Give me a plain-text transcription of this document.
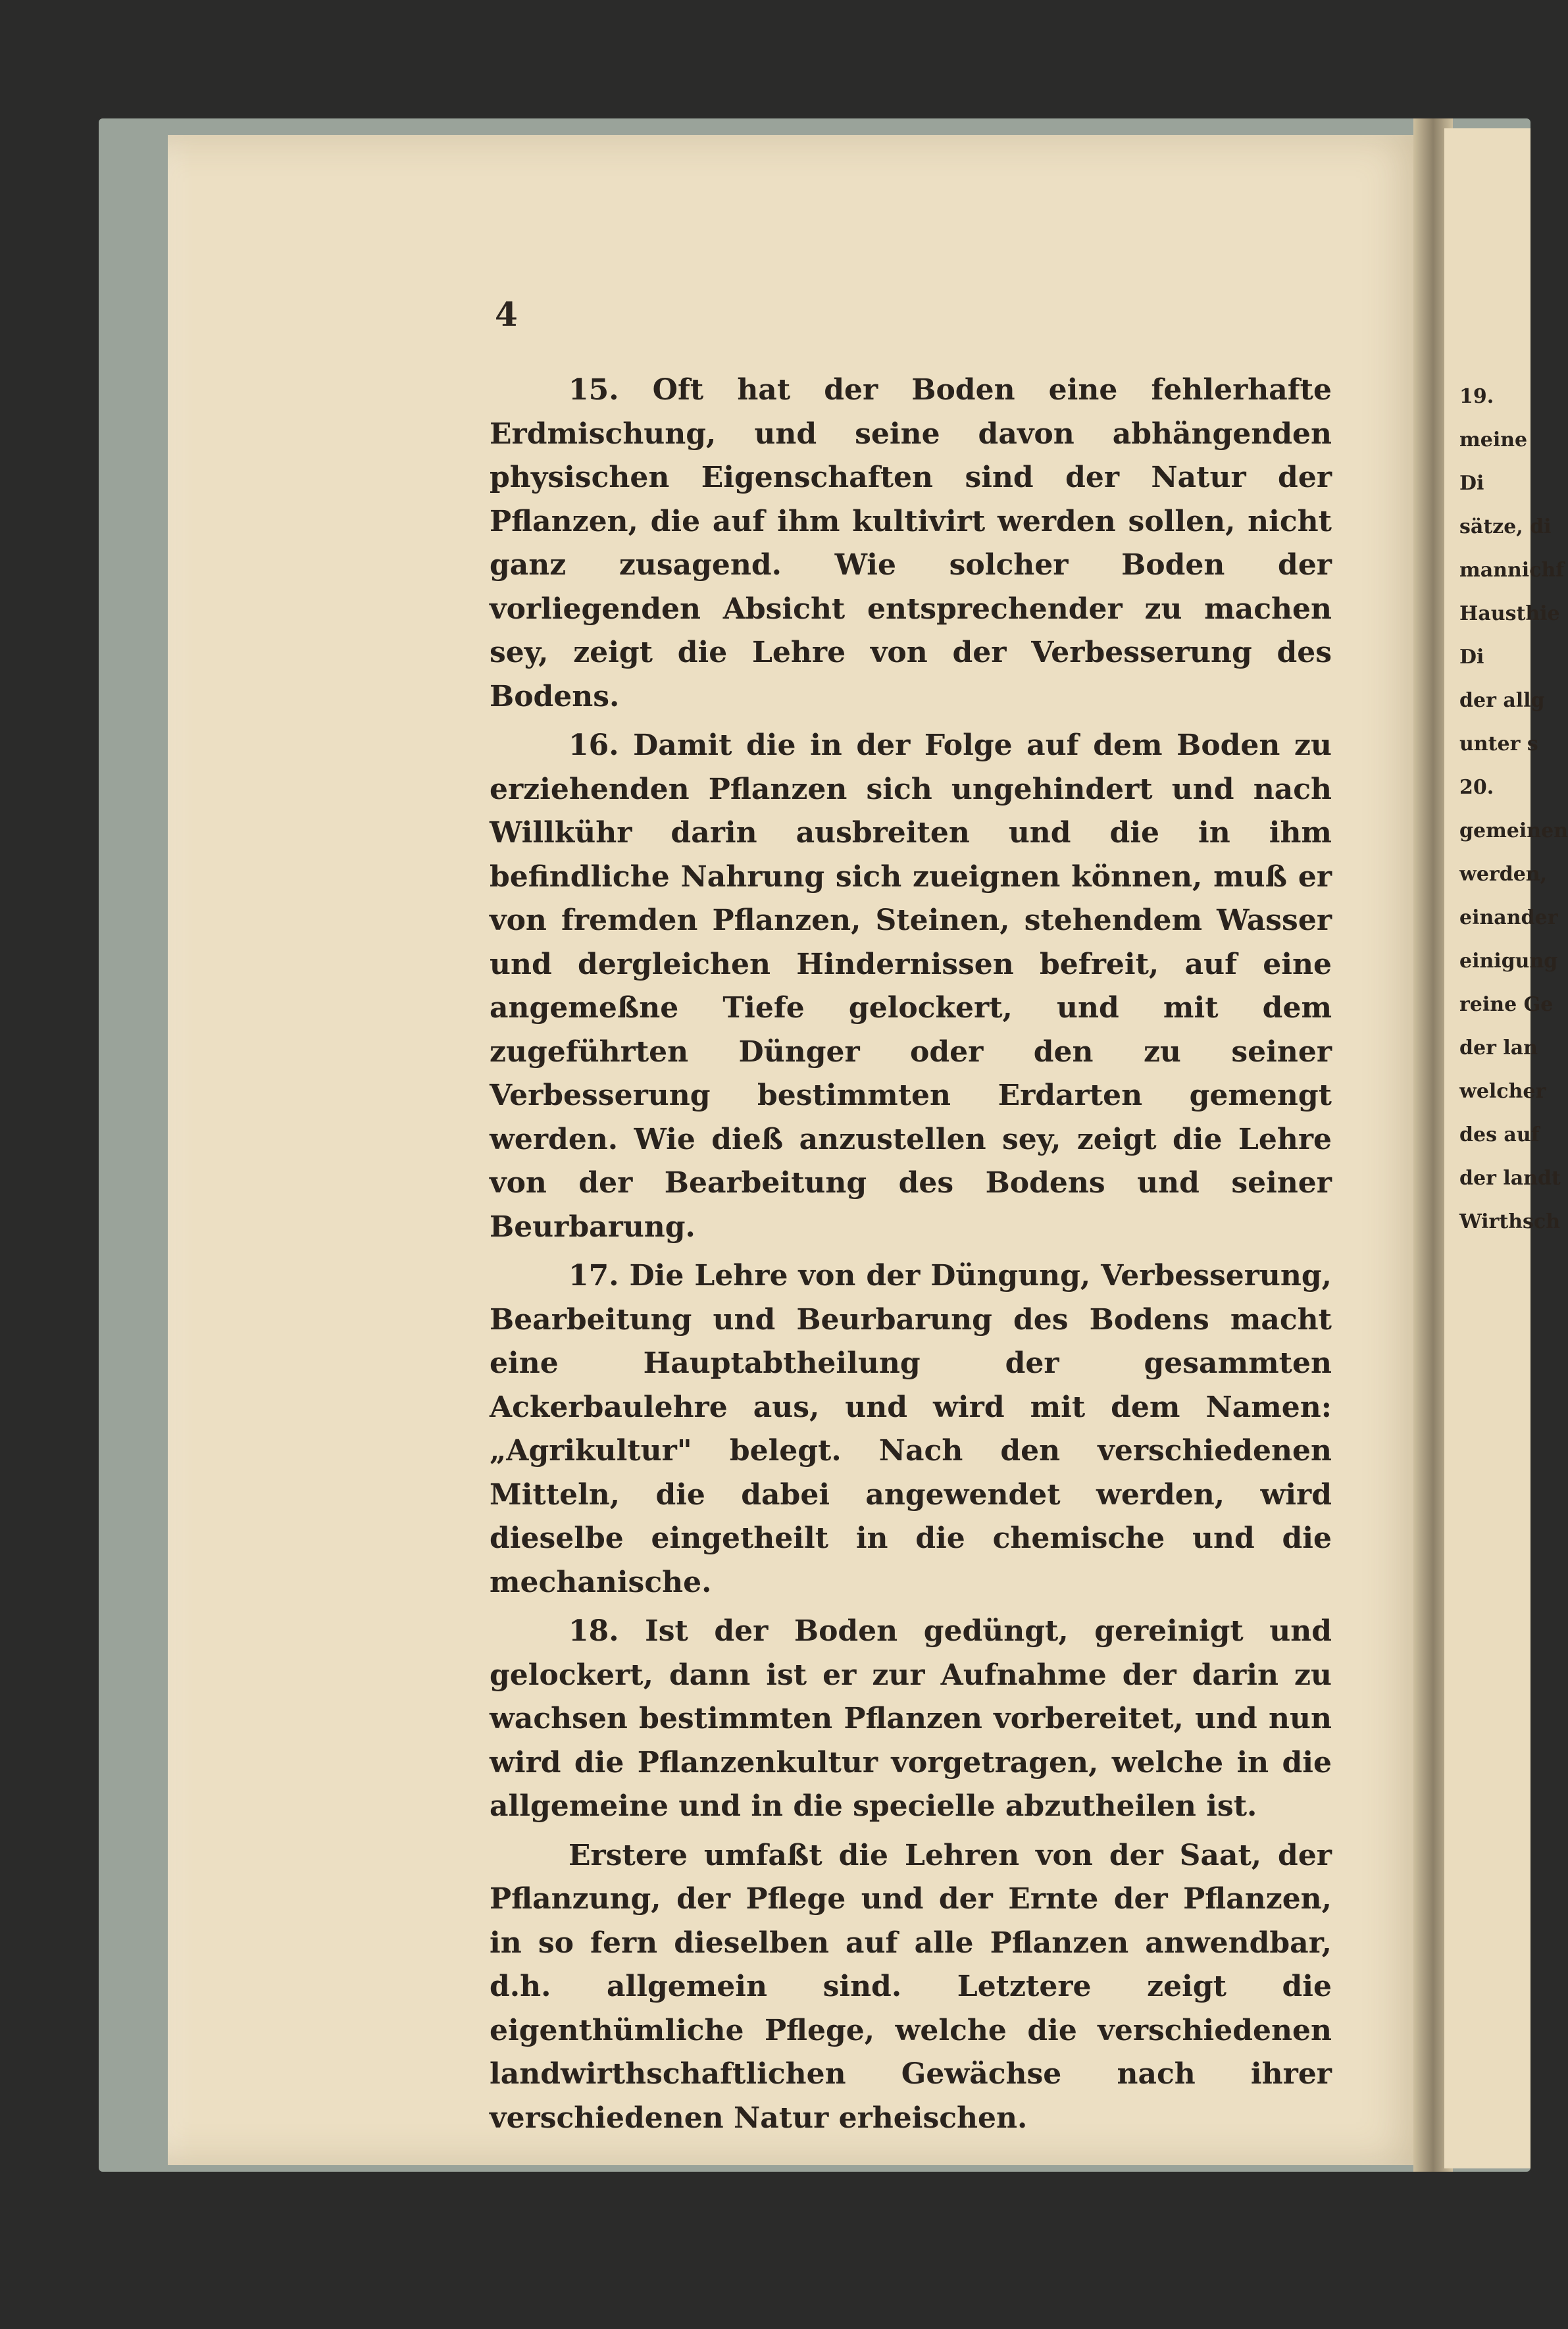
4

15. Oft hat der Boden eine fehlerhafte Erdmischung, und seine davon abhängenden physischen Eigenschaften sind der Natur der Pflanzen, die auf ihm kultivirt werden sollen, nicht ganz zusagend. Wie solcher Boden der vorliegenden Absicht entsprechender zu machen sey, zeigt die Lehre von der Verbesserung des Bodens.

16. Damit die in der Folge auf dem Boden zu erziehenden Pflanzen sich ungehindert und nach Willkühr darin ausbreiten und die in ihm befindliche Nahrung sich zueignen können, muß er von fremden Pflanzen, Steinen, stehendem Wasser und dergleichen Hindernissen befreit, auf eine angemeßne Tiefe gelockert, und mit dem zugeführten Dünger oder den zu seiner Verbesserung bestimmten Erdarten gemengt werden. Wie dieß anzustellen sey, zeigt die Lehre von der Bearbeitung des Bodens und seiner Beurbarung.

17. Die Lehre von der Düngung, Verbesserung, Bearbeitung und Beurbarung des Bodens macht eine Hauptabtheilung der gesammten Ackerbaulehre aus, und wird mit dem Namen: „Agrikultur" belegt. Nach den verschiedenen Mitteln, die dabei angewendet werden, wird dieselbe eingetheilt in die chemische und die mechanische.

18. Ist der Boden gedüngt, gereinigt und gelockert, dann ist er zur Aufnahme der darin zu wachsen bestimmten Pflanzen vorbereitet, und nun wird die Pflanzenkultur vorgetragen, welche in die allgemeine und in die specielle abzutheilen ist.

Erstere umfaßt die Lehren von der Saat, der Pflanzung, der Pflege und der Ernte der Pflanzen, in so fern dieselben auf alle Pflanzen anwendbar, d.h. allgemein sind. Letztere zeigt die eigenthümliche Pflege, welche die verschiedenen landwirthschaftlichen Gewächse nach ihrer verschiedenen Natur erheischen.

19.
meine
Di
sätze, di
mannichf
Hausthie
Di
der allg
unter s
20.
gemeinen
werden,
einander
einigung
reine Ge
der lan
welcher
des auf
der landt
Wirthsch
